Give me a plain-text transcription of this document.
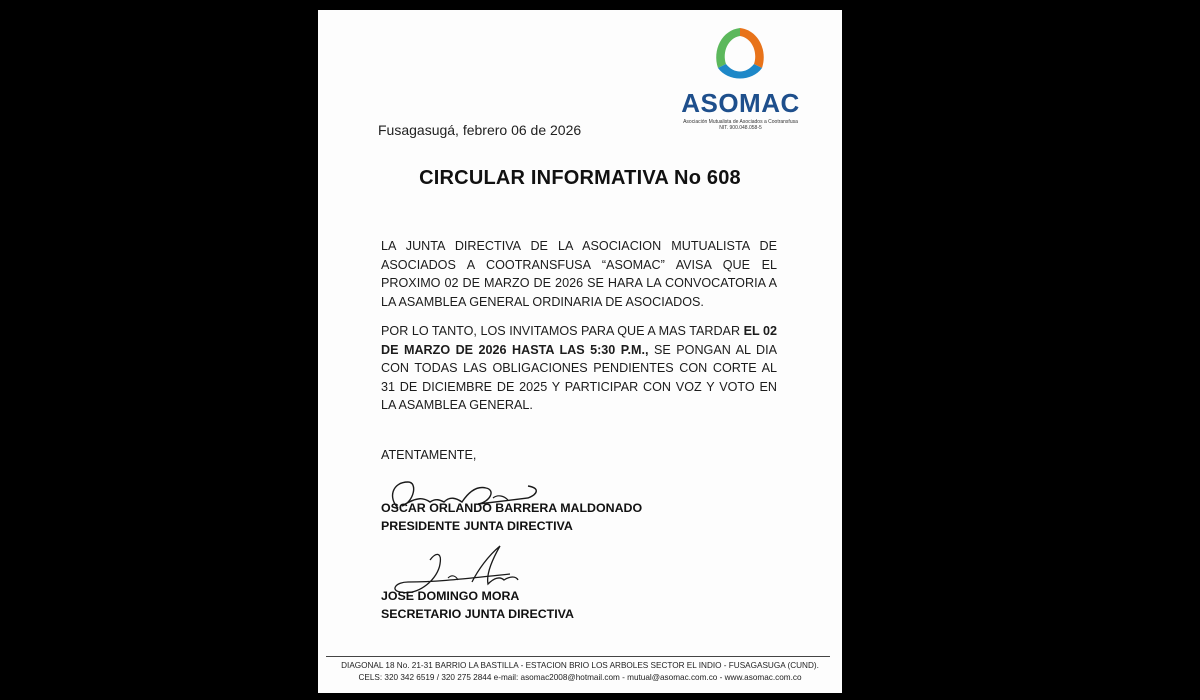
ASOMAC
Asociación Mutualista de Asociados a Cootransfusa
NIT. 900.048.058-5
Fusagasugá, febrero 06 de 2026
CIRCULAR INFORMATIVA No 608

LA JUNTA DIRECTIVA DE LA ASOCIACION MUTUALISTA DE ASOCIADOS A COOTRANSFUSA “ASOMAC” AVISA QUE EL PROXIMO 02 DE MARZO DE 2026 SE HARA LA CONVOCATORIA A LA ASAMBLEA GENERAL ORDINARIA DE ASOCIADOS.

POR LO TANTO, LOS INVITAMOS PARA QUE A MAS TARDAR EL 02 DE MARZO DE 2026 HASTA LAS 5:30 P.M., SE PONGAN AL DIA CON TODAS LAS OBLIGACIONES PENDIENTES CON CORTE AL 31 DE DICIEMBRE DE 2025 Y PARTICIPAR CON VOZ Y VOTO EN LA ASAMBLEA GENERAL.

ATENTAMENTE,
OSCAR ORLANDO BARRERA MALDONADO
PRESIDENTE JUNTA DIRECTIVA
JOSE DOMINGO MORA
SECRETARIO JUNTA DIRECTIVA
DIAGONAL 18 No. 21-31 BARRIO LA BASTILLA - ESTACION BRIO LOS ARBOLES SECTOR EL INDIO - FUSAGASUGA (CUND).
CELS: 320 342 6519 / 320 275 2844 e-mail: asomac2008@hotmail.com - mutual@asomac.com.co - www.asomac.com.co
